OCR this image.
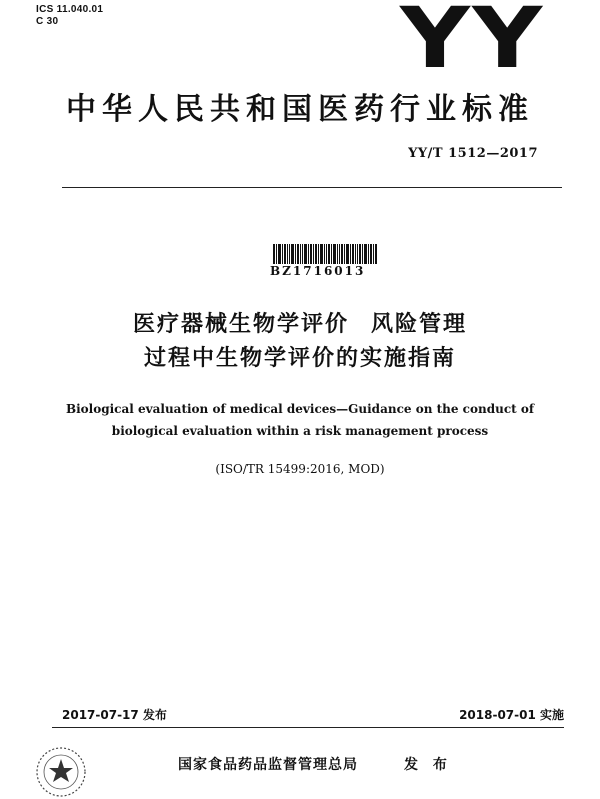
ICS 11.040.01
C 30	YY
中华人民共和国医药行业标准
YY/T 1512—2017
BZ1716013
医疗器械生物学评价 风险管理
过程中生物学评价的实施指南
Biological evaluation of medical devices—Guidance on the conduct of
biological evaluation within a risk management process
(ISO/TR 15499:2016, MOD)
2017-07-17 发布	2018-07-01 实施
国家食品药品监督管理总局	发 布
